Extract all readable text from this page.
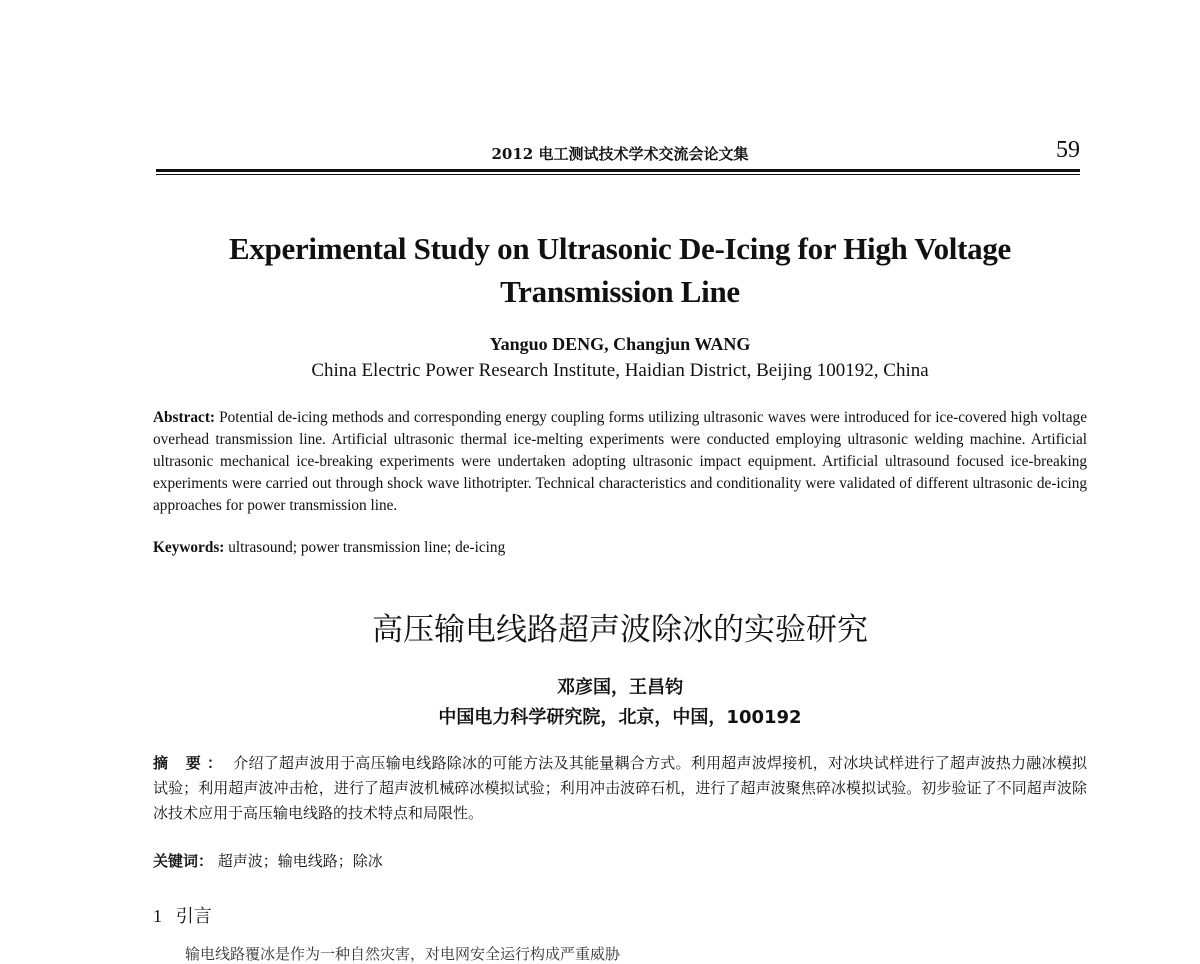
2012 电工测试技术学术交流会论文集	59
Experimental Study on Ultrasonic De-Icing for High Voltage Transmission Line
Yanguo DENG, Changjun WANG
China Electric Power Research Institute, Haidian District, Beijing 100192, China
Abstract: Potential de-icing methods and corresponding energy coupling forms utilizing ultrasonic waves were introduced for ice-covered high voltage overhead transmission line. Artificial ultrasonic thermal ice-melting experiments were conducted employing ultrasonic welding machine. Artificial ultrasonic mechanical ice-breaking experiments were undertaken adopting ultrasonic impact equipment. Artificial ultrasound focused ice-breaking experiments were carried out through shock wave lithotripter. Technical characteristics and conditionality were validated of different ultrasonic de-icing approaches for power transmission line.
Keywords: ultrasound; power transmission line; de-icing
高压输电线路超声波除冰的实验研究
邓彦国，王昌钧
中国电力科学研究院，北京，中国，100192
摘 要： 介绍了超声波用于高压输电线路除冰的可能方法及其能量耦合方式。利用超声波焊接机，对冰块试样进行了超声波热力融冰模拟试验；利用超声波冲击枪，进行了超声波机械碎冰模拟试验；利用冲击波碎石机，进行了超声波聚焦碎冰模拟试验。初步验证了不同超声波除冰技术应用于高压输电线路的技术特点和局限性。
关键词： 超声波；输电线路；除冰
1 引言
输电线路覆冰是作为一种自然灾害，对电网安全运行构成严重威胁
